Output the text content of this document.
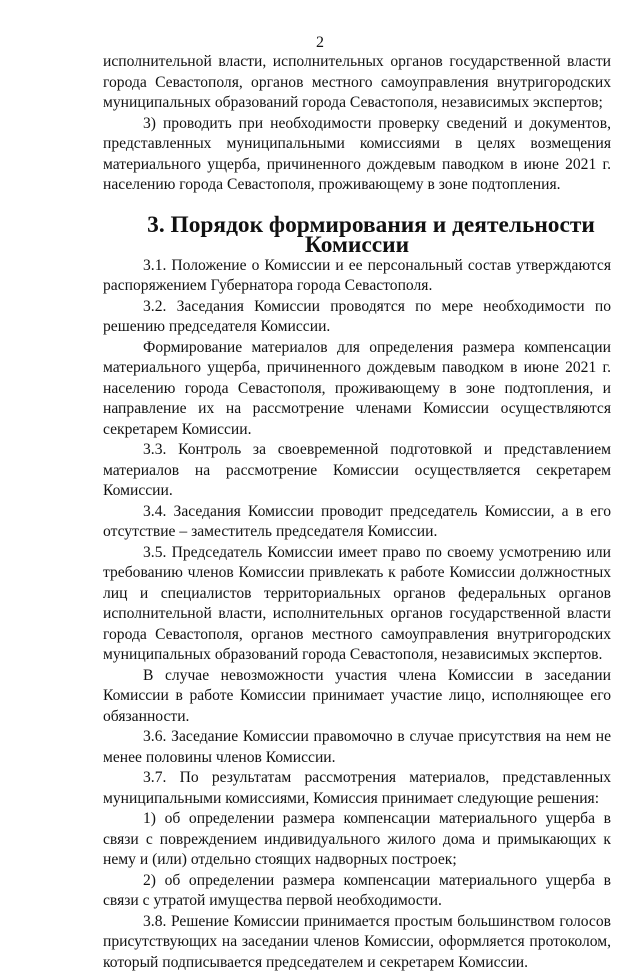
2

исполнительной власти, исполнительных органов государственной власти города Севастополя, органов местного самоуправления внутригородских муниципальных образований города Севастополя, независимых экспертов;

3) проводить при необходимости проверку сведений и документов, представленных муниципальными комиссиями в целях возмещения материального ущерба, причиненного дождевым паводком в июне 2021 г. населению города Севастополя, проживающему в зоне подтопления.

3. Порядок формирования и деятельности Комиссии

3.1. Положение о Комиссии и ее персональный состав утверждаются распоряжением Губернатора города Севастополя.

3.2. Заседания Комиссии проводятся по мере необходимости по решению председателя Комиссии.

Формирование материалов для определения размера компенсации материального ущерба, причиненного дождевым паводком в июне 2021 г. населению города Севастополя, проживающему в зоне подтопления, и направление их на рассмотрение членами Комиссии осуществляются секретарем Комиссии.

3.3. Контроль за своевременной подготовкой и представлением материалов на рассмотрение Комиссии осуществляется секретарем Комиссии.

3.4. Заседания Комиссии проводит председатель Комиссии, а в его отсутствие – заместитель председателя Комиссии.

3.5. Председатель Комиссии имеет право по своему усмотрению или требованию членов Комиссии привлекать к работе Комиссии должностных лиц и специалистов территориальных органов федеральных органов исполнительной власти, исполнительных органов государственной власти города Севастополя, органов местного самоуправления внутригородских муниципальных образований города Севастополя, независимых экспертов.

В случае невозможности участия члена Комиссии в заседании Комиссии в работе Комиссии принимает участие лицо, исполняющее его обязанности.

3.6. Заседание Комиссии правомочно в случае присутствия на нем не менее половины членов Комиссии.

3.7. По результатам рассмотрения материалов, представленных муниципальными комиссиями, Комиссия принимает следующие решения:

1) об определении размера компенсации материального ущерба в связи с повреждением индивидуального жилого дома и примыкающих к нему и (или) отдельно стоящих надворных построек;

2) об определении размера компенсации материального ущерба в связи с утратой имущества первой необходимости.

3.8. Решение Комиссии принимается простым большинством голосов присутствующих на заседании членов Комиссии, оформляется протоколом, который подписывается председателем и секретарем Комиссии.
